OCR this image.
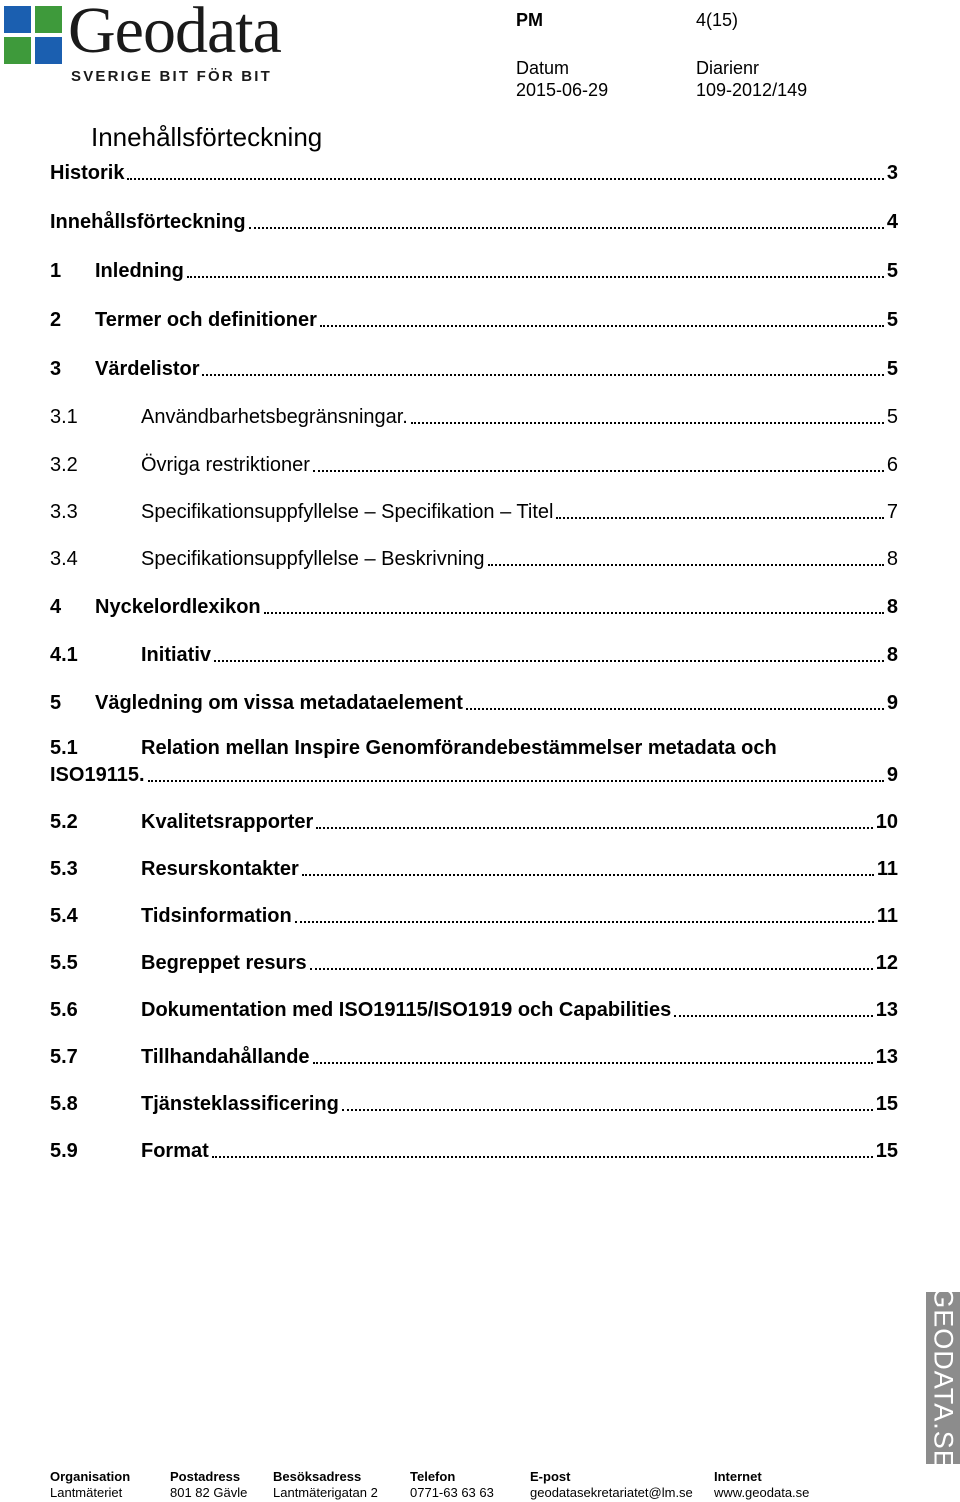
Geodata
SVERIGE BIT FÖR BIT
PM	4(15)
Datum
2015-06-29
Diarienr
109-2012/149
Innehållsförteckning
Historik	3
Innehållsförteckning	4
1	Inledning	5
2	Termer och definitioner	5
3	Värdelistor	5
3.1	Användbarhetsbegränsningar.	5
3.2	Övriga restriktioner	6
3.3	Specifikationsuppfyllelse – Specifikation – Titel	7
3.4	Specifikationsuppfyllelse – Beskrivning	8
4	Nyckelordlexikon	8
4.1	Initiativ	8
5	Vägledning om vissa metadataelement	9
5.1	Relation mellan Inspire Genomförandebestämmelser metadata och
ISO19115.	9
5.2	Kvalitetsrapporter	10
5.3	Resurskontakter	11
5.4	Tidsinformation	11
5.5	Begreppet resurs	12
5.6	Dokumentation med ISO19115/ISO1919 och Capabilities	13
5.7	Tillhandahållande	13
5.8	Tjänsteklassificering	15
5.9	Format	15
GEODATA.SE
Organisation
Lantmäteriet
Postadress
801 82 Gävle
Besöksadress
Lantmäterigatan 2
Telefon
0771-63 63 63
E-post
geodatasekretariatet@lm.se
Internet
www.geodata.se
